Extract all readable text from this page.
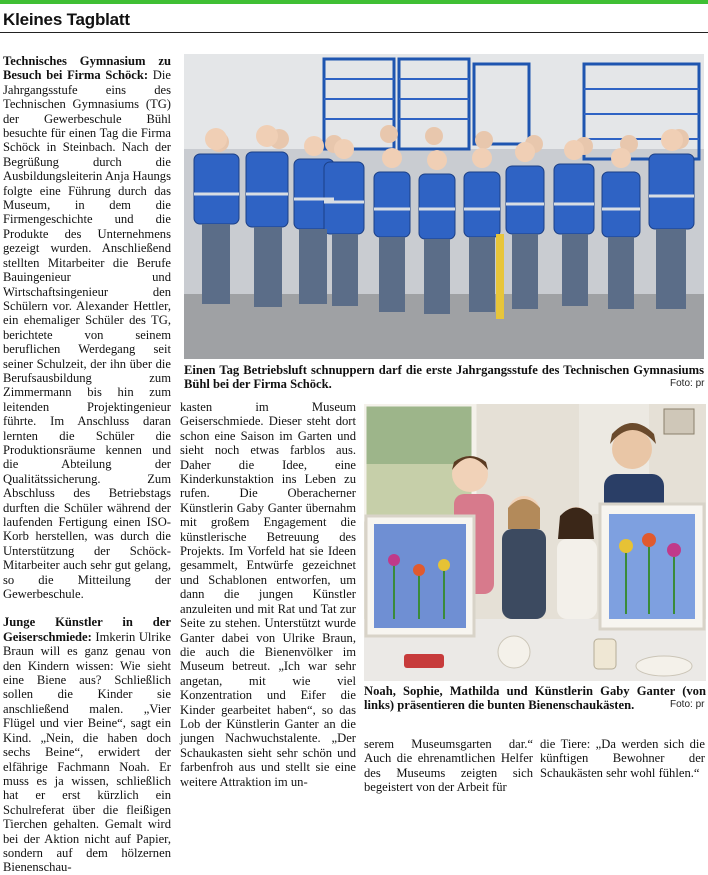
Kleines Tagblatt

Technisches Gymnasium zu Besuch bei Firma Schöck: Die Jahrgangsstufe eins des Technischen Gymnasiums (TG) der Gewerbeschule Bühl besuchte für einen Tag die Firma Schöck in Steinbach. Nach der Begrüßung durch die Ausbildungsleiterin Anja Haungs folgte eine Führung durch das Museum, in dem die Firmengeschichte und die Produkte des Unternehmens gezeigt wurden. Anschließend stellten Mitarbeiter die Berufe Bauingenieur und Wirtschaftsingenieur den Schülern vor. Alexander Hettler, ein ehemaliger Schüler des TG, berichtete von seinem beruflichen Werdegang seit seiner Schulzeit, der ihn über die Berufsausbildung zum Zimmermann bis hin zum leitenden Projektingenieur führte. Im Anschluss daran lernten die Schüler die Produktionsräume kennen und die Abteilung der Qualitätssicherung. Zum Abschluss des Betriebstags durften die Schüler während der laufenden Fertigung einen ISO-Korb herstellen, was durch die Unterstützung der Schöck-Mitarbeiter auch sehr gut gelang, so die Mitteilung der Gewerbeschule.

Junge Künstler in der Geiserschmiede: Imkerin Ulrike Braun will es ganz genau von den Kindern wissen: Wie sieht eine Biene aus? Schließlich sollen die Kinder sie anschließend malen. „Vier Flügel und vier Beine“, sagt ein Kind. „Nein, die haben doch sechs Beine“, erwidert der elfährige Fachmann Noah. Er muss es ja wissen, schließlich hat er erst kürzlich ein Schulreferat über die fleißigen Tierchen gehalten. Gemalt wird bei der Aktion nicht auf Papier, sondern auf dem hölzernen Bienenschau-

kasten im Museum Geiserschmiede. Dieser steht dort schon eine Saison im Garten und sieht noch etwas farblos aus. Daher die Idee, eine Kinderkunstaktion ins Leben zu rufen. Die Oberacherner Künstlerin Gaby Ganter übernahm mit großem Engagement die künstlerische Betreuung des Projekts. Im Vorfeld hat sie Ideen gesammelt, Entwürfe gezeichnet und Schablonen entworfen, um dann die jungen Künstler anzuleiten und mit Rat und Tat zur Seite zu stehen. Unterstützt wurde Ganter dabei von Ulrike Braun, die auch die Bienenvölker im Museum betreut. „Ich war sehr angetan, mit wie viel Konzentration und Eifer die Kinder gearbeitet haben“, so das Lob der Künstlerin Ganter an die jungen Nachwuchstalente. „Der Schaukasten sieht sehr schön und farbenfroh aus und stellt sie eine weitere Attraktion im un-

serem Museumsgarten dar.“ Auch die ehrenamtlichen Helfer des Museums zeigten sich begeistert von der Arbeit für

die Tiere: „Da werden sich die künftigen Bewohner der Schaukästen sehr wohl fühlen.“

Einen Tag Betriebsluft schnuppern darf die erste Jahrgangsstufe des Technischen Gymnasiums Bühl bei der Firma Schöck.	Foto: pr
Noah, Sophie, Mathilda und Künstlerin Gaby Ganter (von links) präsentieren die bunten Bienenschaukästen.	Foto: pr
